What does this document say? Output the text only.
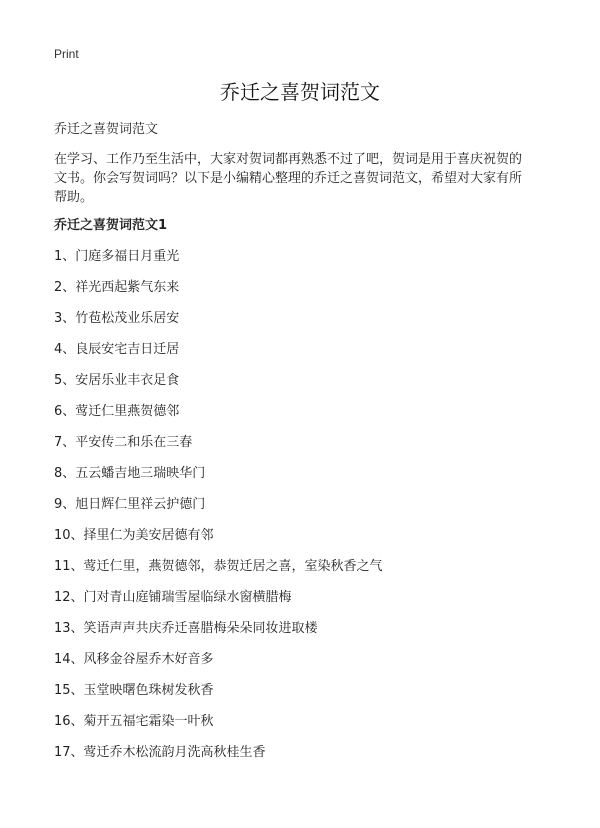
Print
乔迁之喜贺词范文
乔迁之喜贺词范文

在学习、工作乃至生活中，大家对贺词都再熟悉不过了吧，贺词是用于喜庆祝贺的
文书。你会写贺词吗？以下是小编精心整理的乔迁之喜贺词范文，希望对大家有所
帮助。

乔迁之喜贺词范文1
1、门庭多福日月重光
2、祥光西起紫气东来
3、竹苞松茂业乐居安
4、良辰安宅吉日迁居
5、安居乐业丰衣足食
6、莺迁仁里燕贺德邻
7、平安传二和乐在三春
8、五云蟠吉地三瑞映华门
9、旭日辉仁里祥云护德门
10、择里仁为美安居德有邻
11、莺迁仁里，燕贺德邻，恭贺迁居之喜，室染秋香之气
12、门对青山庭铺瑞雪屋临绿水窗横腊梅
13、笑语声声共庆乔迁喜腊梅朵朵同妆进取楼
14、风移金谷屋乔木好音多
15、玉堂映曙色珠树发秋香
16、菊开五福宅霜染一叶秋
17、莺迁乔木松流韵月洗高秋桂生香
